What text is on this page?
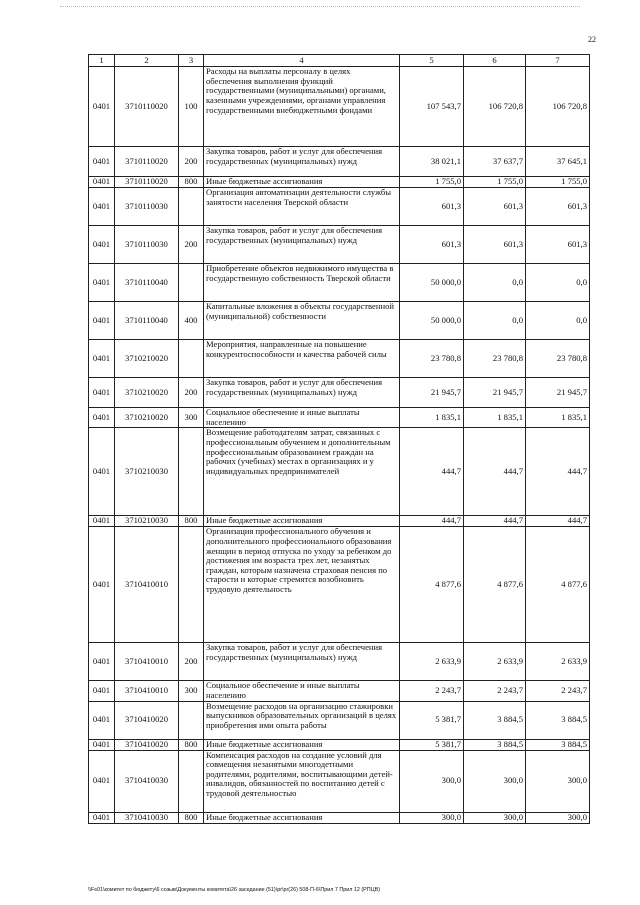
22
1	2	3	4	5	6	7
0401	3710110020	100	Расходы на выплаты персоналу в целях обеспечения выполнения функций государственными (муниципальными) органами, казенными учреждениями, органами управления государственными внебюджетными фондами	107 543,7	106 720,8	106 720,8
0401	3710110020	200	Закупка товаров, работ и услуг для обеспечения государственных (муниципальных) нужд	38 021,1	37 637,7	37 645,1
0401	3710110020	800	Иные бюджетные ассигнования	1 755,0	1 755,0	1 755,0
0401	3710110030		Организация автоматизации деятельности службы занятости населения Тверской области	601,3	601,3	601,3
0401	3710110030	200	Закупка товаров, работ и услуг для обеспечения государственных (муниципальных) нужд	601,3	601,3	601,3
0401	3710110040		Приобретение объектов недвижимого имущества в государственную собственность Тверской области	50 000,0	0,0	0,0
0401	3710110040	400	Капитальные вложения в объекты государственной (муниципальной) собственности	50 000,0	0,0	0,0
0401	3710210020		Мероприятия, направленные на повышение конкурентоспособности и качества рабочей силы	23 780,8	23 780,8	23 780,8
0401	3710210020	200	Закупка товаров, работ и услуг для обеспечения государственных (муниципальных) нужд	21 945,7	21 945,7	21 945,7
0401	3710210020	300	Социальное обеспечение и иные выплаты населению	1 835,1	1 835,1	1 835,1
0401	3710210030		Возмещение работодателям затрат, связанных с профессиональным обучением и дополнительным профессиональным образованием граждан на рабочих (учебных) местах в организациях и у индивидуальных предпринимателей	444,7	444,7	444,7
0401	3710210030	800	Иные бюджетные ассигнования	444,7	444,7	444,7
0401	3710410010		Организация профессионального обучения и дополнительного профессионального образования женщин в период отпуска по уходу за ребенком до достижения им возраста трех лет, незанятых граждан, которым назначена страховая пенсия по старости и которые стремятся возобновить трудовую деятельность	4 877,6	4 877,6	4 877,6
0401	3710410010	200	Закупка товаров, работ и услуг для обеспечения государственных (муниципальных) нужд	2 633,9	2 633,9	2 633,9
0401	3710410010	300	Социальное обеспечение и иные выплаты населению	2 243,7	2 243,7	2 243,7
0401	3710410020		Возмещение расходов на организацию стажировки выпускников образовательных организаций в целях приобретения ими опыта работы	5 381,7	3 884,5	3 884,5
0401	3710410020	800	Иные бюджетные ассигнования	5 381,7	3 884,5	3 884,5
0401	3710410030		Компенсация расходов на создание условий для совмещения незанятыми многодетными родителями, родителями, воспитывающими детей-инвалидов, обязанностей по воспитанию детей с трудовой деятельностью	300,0	300,0	300,0
0401	3710410030	800	Иные бюджетные ассигнования	300,0	300,0	300,0
\\Fs01\комитет по бюджету\6 созыв\Документы комитета\26 заседание (51)\pr\pr(26) 508-П-6\Прил 7 Прил 12 (РПЦВ)
